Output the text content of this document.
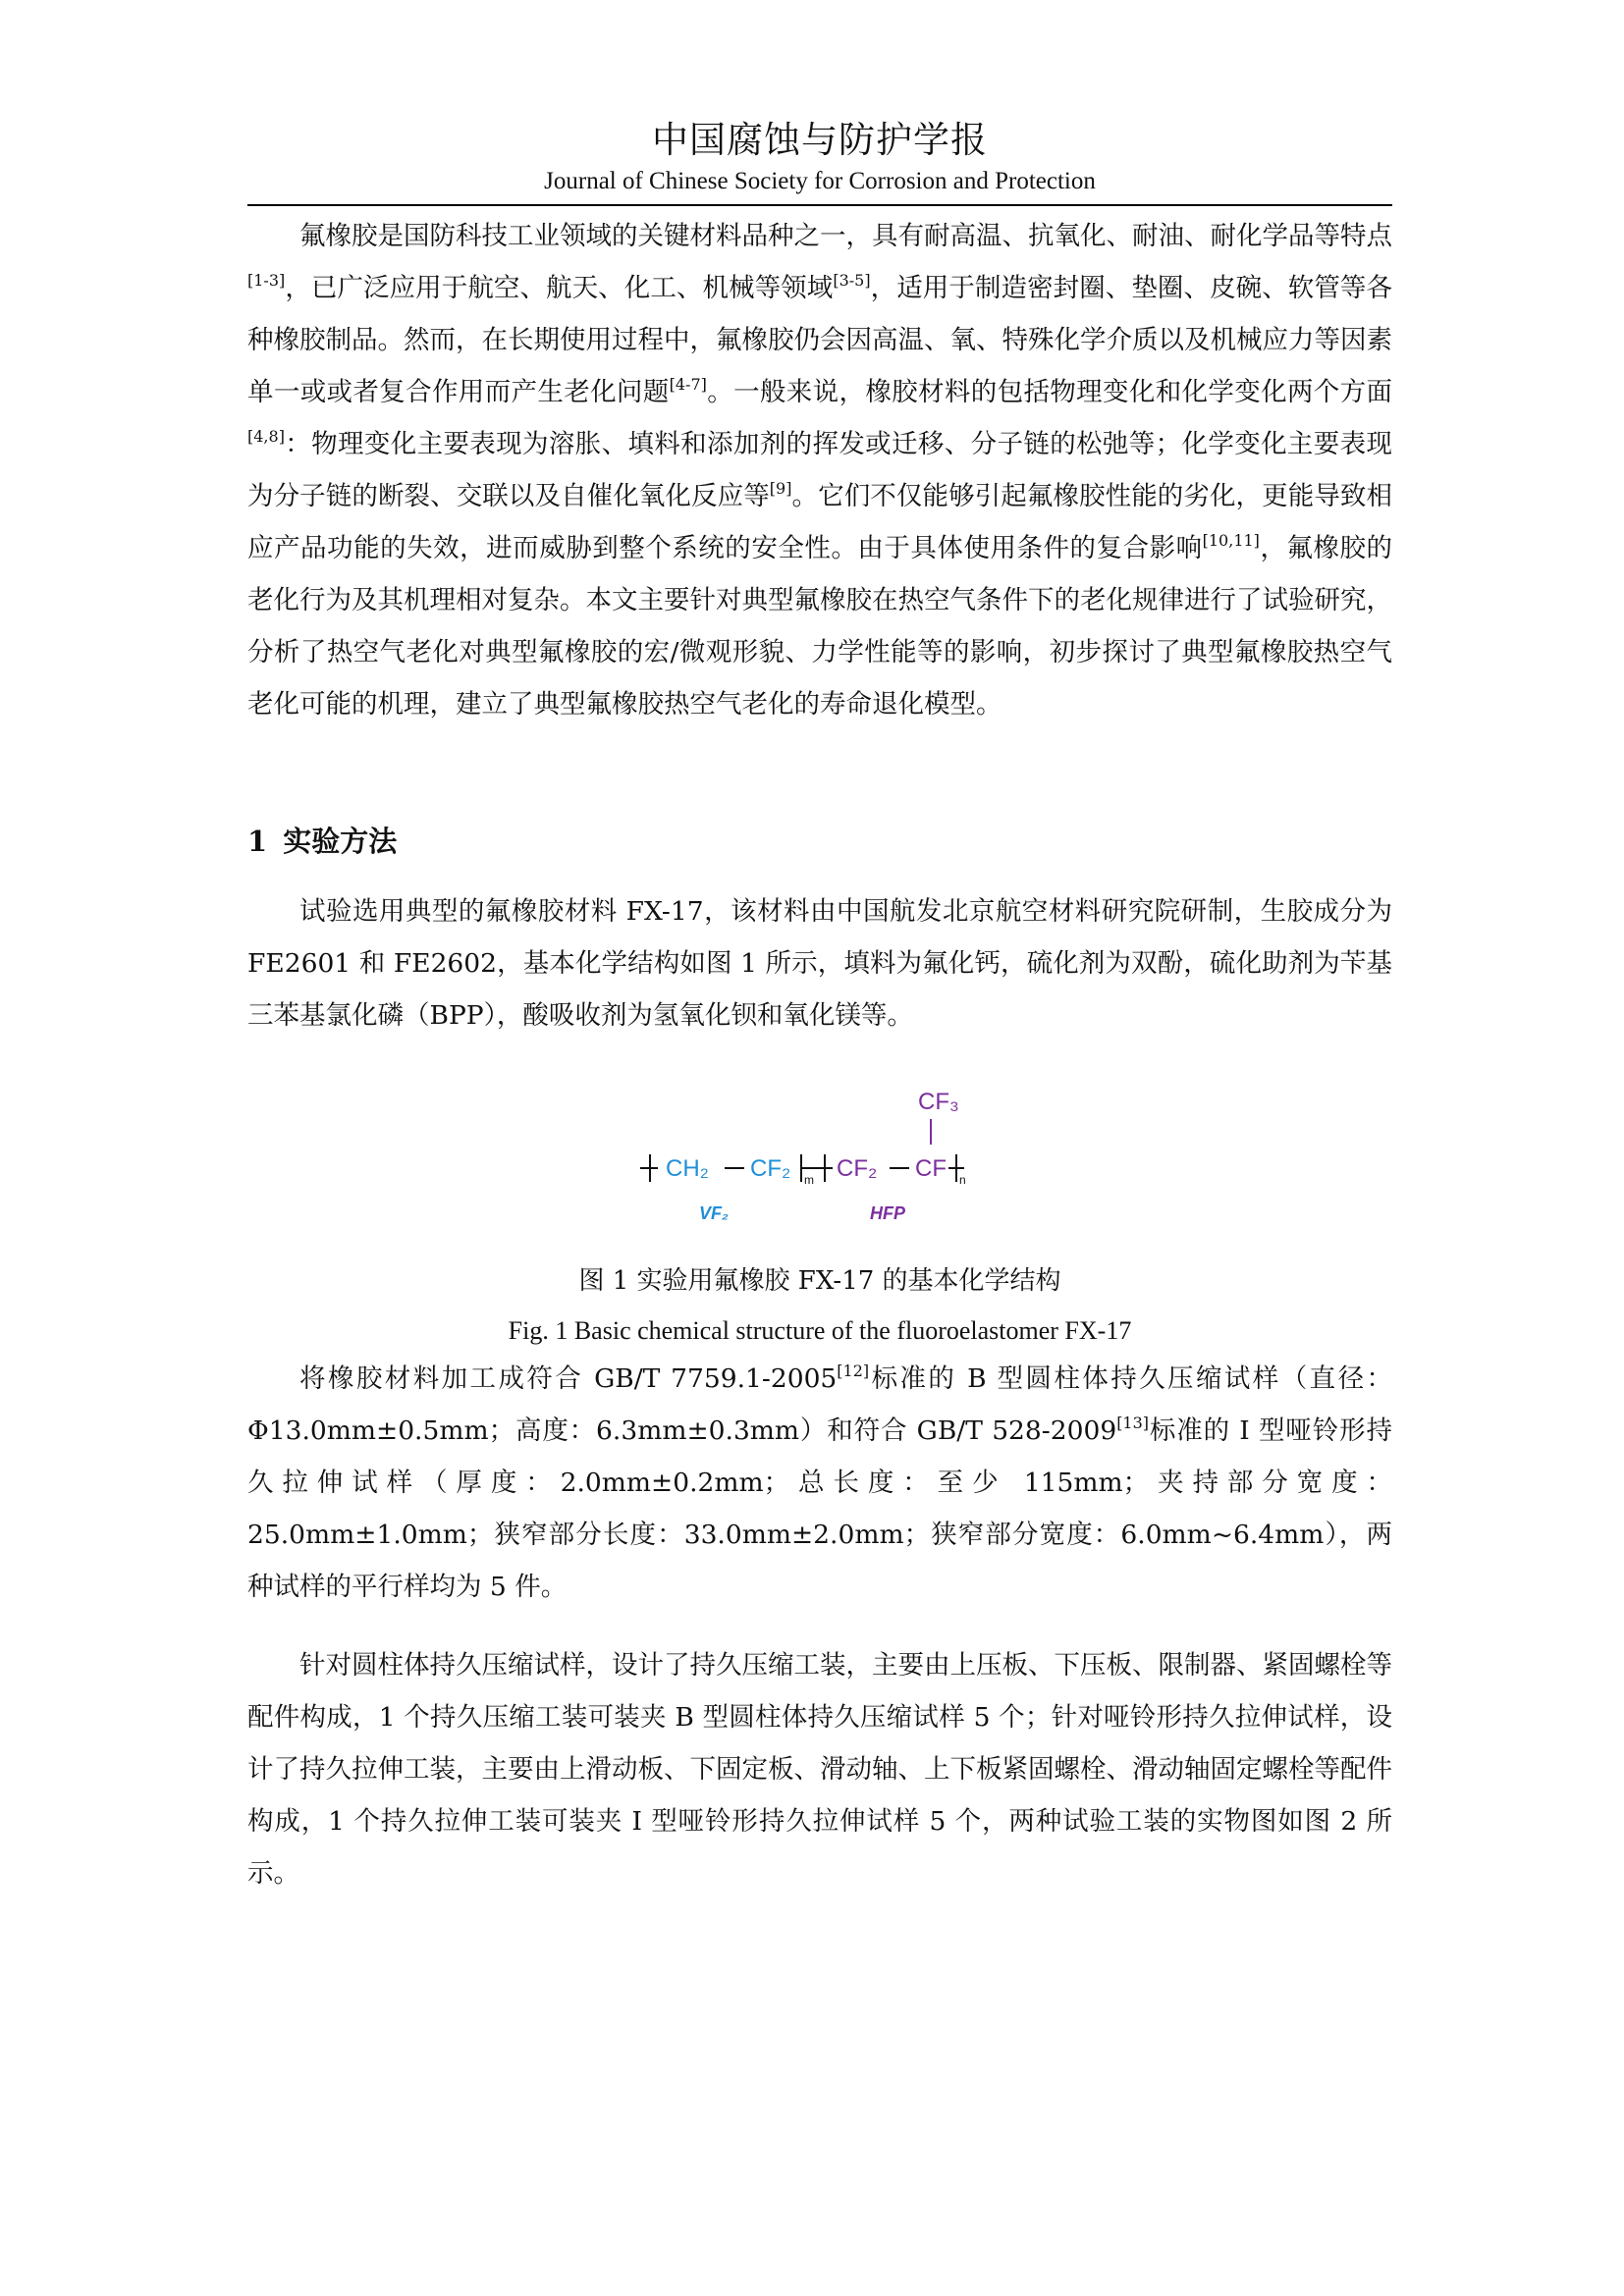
中国腐蚀与防护学报
Journal of Chinese Society for Corrosion and Protection

氟橡胶是国防科技工业领域的关键材料品种之一，具有耐高温、抗氧化、耐油、耐化学品等特点[1-3]，已广泛应用于航空、航天、化工、机械等领域[3-5]，适用于制造密封圈、垫圈、皮碗、软管等各种橡胶制品。然而，在长期使用过程中，氟橡胶仍会因高温、氧、特殊化学介质以及机械应力等因素单一或或者复合作用而产生老化问题[4-7]。一般来说，橡胶材料的包括物理变化和化学变化两个方面[4,8]：物理变化主要表现为溶胀、填料和添加剂的挥发或迁移、分子链的松弛等；化学变化主要表现为分子链的断裂、交联以及自催化氧化反应等[9]。它们不仅能够引起氟橡胶性能的劣化，更能导致相应产品功能的失效，进而威胁到整个系统的安全性。由于具体使用条件的复合影响[10,11]，氟橡胶的老化行为及其机理相对复杂。本文主要针对典型氟橡胶在热空气条件下的老化规律进行了试验研究，分析了热空气老化对典型氟橡胶的宏/微观形貌、力学性能等的影响，初步探讨了典型氟橡胶热空气老化可能的机理，建立了典型氟橡胶热空气老化的寿命退化模型。

1 实验方法

试验选用典型的氟橡胶材料 FX-17，该材料由中国航发北京航空材料研究院研制，生胶成分为 FE2601 和 FE2602，基本化学结构如图 1 所示，填料为氟化钙，硫化剂为双酚，硫化助剂为苄基三苯基氯化磷（BPP），酸吸收剂为氢氧化钡和氧化镁等。

CH₂ CF₂ m CF₂ CF
CF₃
n
VF₂	HFP
图 1 实验用氟橡胶 FX-17 的基本化学结构
Fig. 1 Basic chemical structure of the fluoroelastomer FX-17

将橡胶材料加工成符合 GB/T 7759.1-2005[12]标准的 B 型圆柱体持久压缩试样（直径：Φ13.0mm±0.5mm；高度：6.3mm±0.3mm）和符合 GB/T 528-2009[13]标准的 I 型哑铃形持久拉伸试样（厚度：2.0mm±0.2mm；总长度：至少 115mm；夹持部分宽度：25.0mm±1.0mm；狭窄部分长度：33.0mm±2.0mm；狭窄部分宽度：6.0mm~6.4mm），两种试样的平行样均为 5 件。

针对圆柱体持久压缩试样，设计了持久压缩工装，主要由上压板、下压板、限制器、紧固螺栓等配件构成，1 个持久压缩工装可装夹 B 型圆柱体持久压缩试样 5 个；针对哑铃形持久拉伸试样，设计了持久拉伸工装，主要由上滑动板、下固定板、滑动轴、上下板紧固螺栓、滑动轴固定螺栓等配件构成，1 个持久拉伸工装可装夹 I 型哑铃形持久拉伸试样 5 个，两种试验工装的实物图如图 2 所示。
